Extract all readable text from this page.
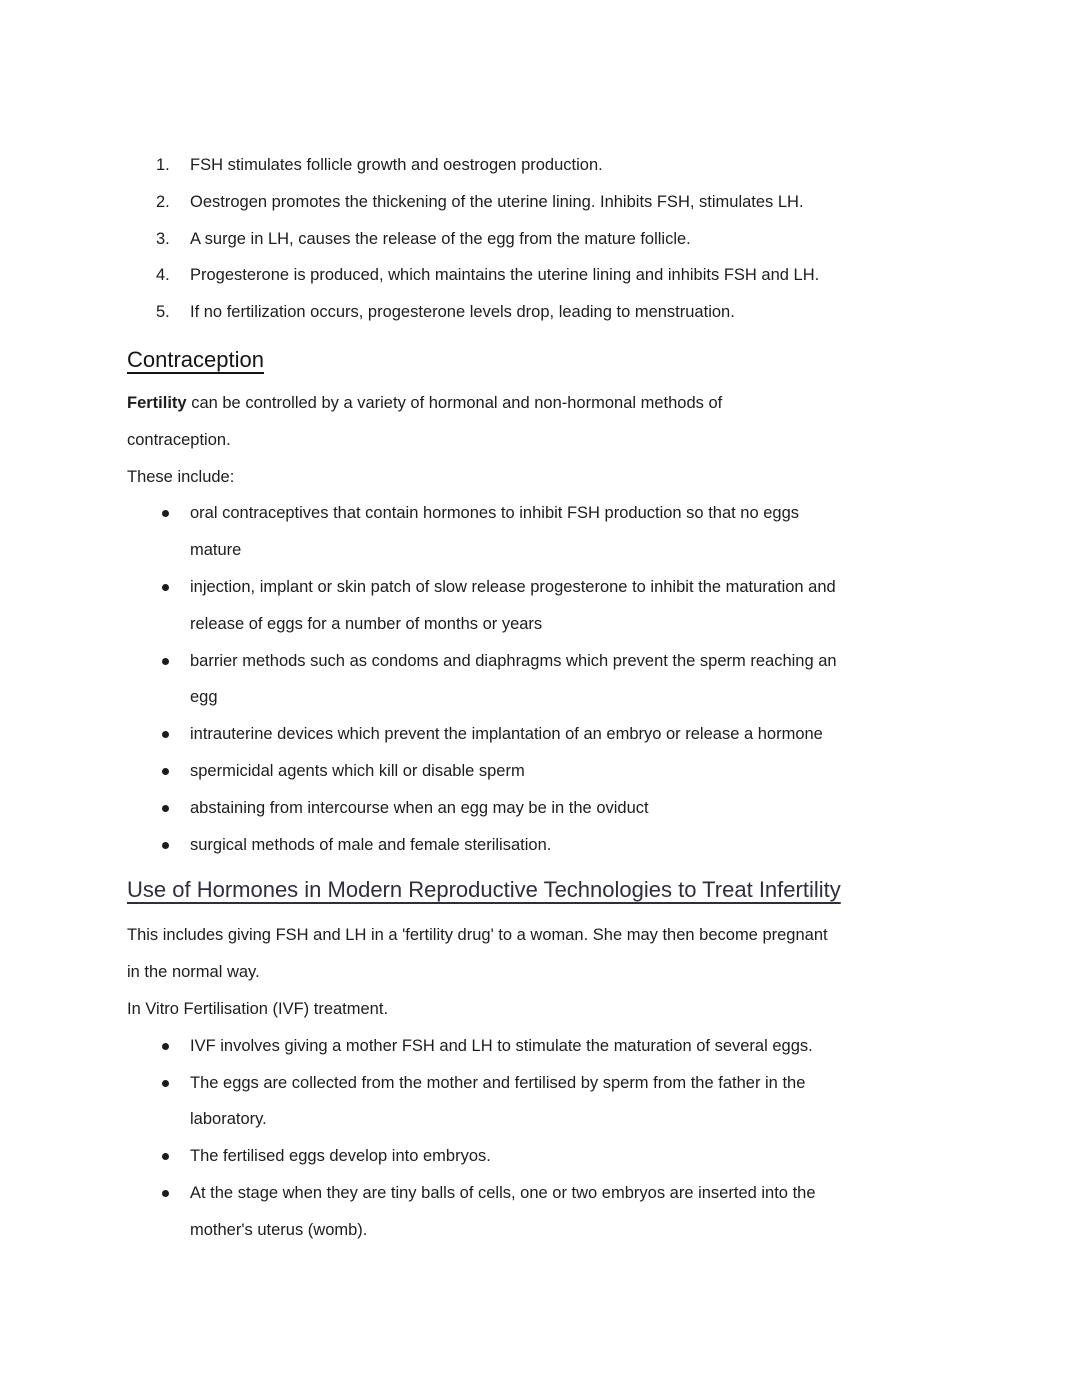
1. FSH stimulates follicle growth and oestrogen production.
2. Oestrogen promotes the thickening of the uterine lining. Inhibits FSH, stimulates LH.
3. A surge in LH, causes the release of the egg from the mature follicle.
4. Progesterone is produced, which maintains the uterine lining and inhibits FSH and LH.
5. If no fertilization occurs, progesterone levels drop, leading to menstruation.
Contraception
Fertility can be controlled by a variety of hormonal and non-hormonal methods of
contraception.
These include:
oral contraceptives that contain hormones to inhibit FSH production so that no eggs
mature
injection, implant or skin patch of slow release progesterone to inhibit the maturation and
release of eggs for a number of months or years
barrier methods such as condoms and diaphragms which prevent the sperm reaching an
egg
intrauterine devices which prevent the implantation of an embryo or release a hormone
spermicidal agents which kill or disable sperm
abstaining from intercourse when an egg may be in the oviduct
surgical methods of male and female sterilisation.
Use of Hormones in Modern Reproductive Technologies to Treat Infertility
This includes giving FSH and LH in a 'fertility drug' to a woman. She may then become pregnant
in the normal way.
In Vitro Fertilisation (IVF) treatment.
IVF involves giving a mother FSH and LH to stimulate the maturation of several eggs.
The eggs are collected from the mother and fertilised by sperm from the father in the
laboratory.
The fertilised eggs develop into embryos.
At the stage when they are tiny balls of cells, one or two embryos are inserted into the
mother's uterus (womb).
